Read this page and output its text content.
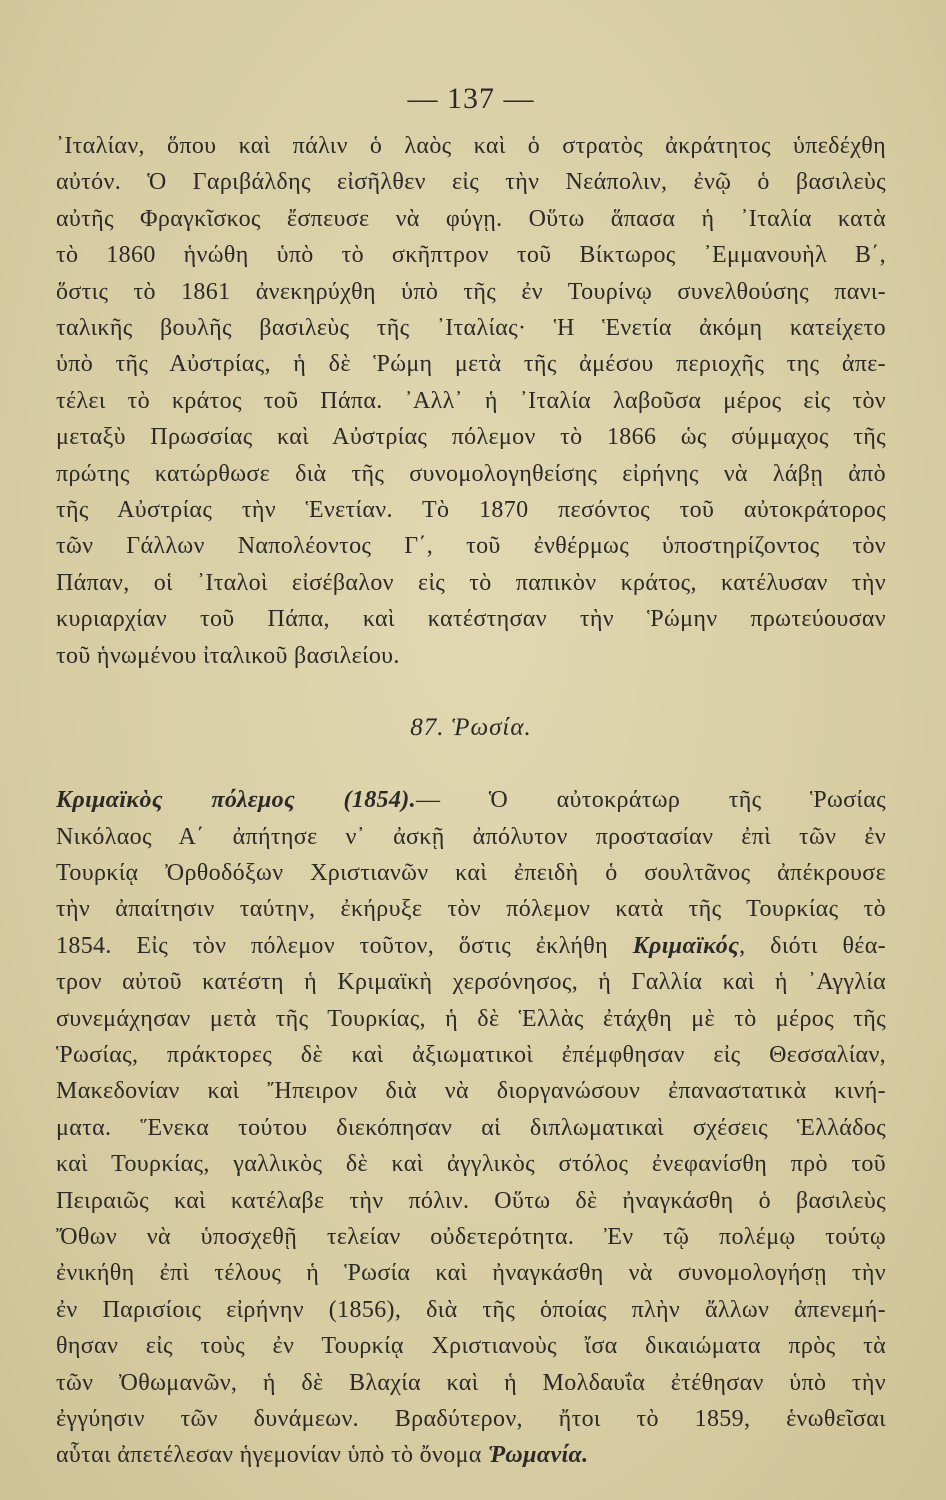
— 137 —

᾿Ιταλίαν, ὅπου καὶ πάλιν ὁ λαὸς καὶ ὁ στρατὸς ἀκράτητος ὑπεδέχθη
αὐτόν. Ὁ Γαριβάλδης εἰσῆλθεν εἰς τὴν Νεάπολιν, ἐνῷ ὁ βασιλεὺς
αὐτῆς Φραγκῖσκος ἔσπευσε νὰ φύγῃ. Οὕτω ἅπασα ἡ ᾿Ιταλία κατὰ
τὸ 1860 ἡνώθη ὑπὸ τὸ σκῆπτρον τοῦ Βίκτωρος ᾿Εμμανουὴλ Β΄,
ὅστις τὸ 1861 ἀνεκηρύχθη ὑπὸ τῆς ἐν Τουρίνῳ συνελθούσης πανι-
ταλικῆς βουλῆς βασιλεὺς τῆς ᾿Ιταλίας· Ἡ Ἑνετία ἀκόμη κατείχετο
ὑπὸ τῆς Αὐστρίας, ἡ δὲ Ῥώμη μετὰ τῆς ἀμέσου περιοχῆς της ἀπε-
τέλει τὸ κράτος τοῦ Πάπα. ᾿Αλλ᾿ ἡ ᾿Ιταλία λαβοῦσα μέρος εἰς τὸν
μεταξὺ Πρωσσίας καὶ Αὐστρίας πόλεμον τὸ 1866 ὡς σύμμαχος τῆς
πρώτης κατώρθωσε διὰ τῆς συνομολογηθείσης εἰρήνης νὰ λάβῃ ἀπὸ
τῆς Αὐστρίας τὴν Ἑνετίαν. Τὸ 1870 πεσόντος τοῦ αὐτοκράτορος
τῶν Γάλλων Ναπολέοντος Γ΄, τοῦ ἐνθέρμως ὑποστηρίζοντος τὸν
Πάπαν, οἱ ᾿Ιταλοὶ εἰσέβαλον εἰς τὸ παπικὸν κράτος, κατέλυσαν τὴν
κυριαρχίαν τοῦ Πάπα, καὶ κατέστησαν τὴν Ῥώμην πρωτεύουσαν
τοῦ ἡνωμένου ἰταλικοῦ βασιλείου.

87. Ῥωσία.

Κριμαϊκὸς πόλεμος (1854).— Ὁ αὐτοκράτωρ τῆς Ῥωσίας
Νικόλαος Α΄ ἀπήτησε ν᾿ ἀσκῇ ἀπόλυτον προστασίαν ἐπὶ τῶν ἐν
Τουρκίᾳ Ὀρθοδόξων Χριστιανῶν καὶ ἐπειδὴ ὁ σουλτᾶνος ἀπέκρουσε
τὴν ἀπαίτησιν ταύτην, ἐκήρυξε τὸν πόλεμον κατὰ τῆς Τουρκίας τὸ
1854. Εἰς τὸν πόλεμον τοῦτον, ὅστις ἐκλήθη Κριμαϊκός, διότι θέα-
τρον αὐτοῦ κατέστη ἡ Κριμαϊκὴ χερσόνησος, ἡ Γαλλία καὶ ἡ ᾿Αγγλία
συνεμάχησαν μετὰ τῆς Τουρκίας, ἡ δὲ Ἑλλὰς ἐτάχθη μὲ τὸ μέρος τῆς
Ῥωσίας, πράκτορες δὲ καὶ ἀξιωματικοὶ ἐπέμφθησαν εἰς Θεσσαλίαν,
Μακεδονίαν καὶ Ἤπειρον διὰ νὰ διοργανώσουν ἐπαναστατικὰ κινή-
ματα. Ἕνεκα τούτου διεκόπησαν αἱ διπλωματικαὶ σχέσεις Ἑλλάδος
καὶ Τουρκίας, γαλλικὸς δὲ καὶ ἀγγλικὸς στόλος ἐνεφανίσθη πρὸ τοῦ
Πειραιῶς καὶ κατέλαβε τὴν πόλιν. Οὕτω δὲ ἠναγκάσθη ὁ βασιλεὺς
Ὄθων νὰ ὑποσχεθῇ τελείαν οὐδετερότητα. Ἐν τῷ πολέμῳ τούτῳ
ἐνικήθη ἐπὶ τέλους ἡ Ῥωσία καὶ ἠναγκάσθη νὰ συνομολογήσῃ τὴν
ἐν Παρισίοις εἰρήνην (1856), διὰ τῆς ὁποίας πλὴν ἄλλων ἀπενεμή-
θησαν εἰς τοὺς ἐν Τουρκίᾳ Χριστιανοὺς ἴσα δικαιώματα πρὸς τὰ
τῶν Ὀθωμανῶν, ἡ δὲ Βλαχία καὶ ἡ Μολδαυΐα ἐτέθησαν ὑπὸ τὴν
ἐγγύησιν τῶν δυνάμεων. Βραδύτερον, ἤτοι τὸ 1859, ἑνωθεῖσαι
αὗται ἀπετέλεσαν ἡγεμονίαν ὑπὸ τὸ ὄνομα Ῥωμανία.
